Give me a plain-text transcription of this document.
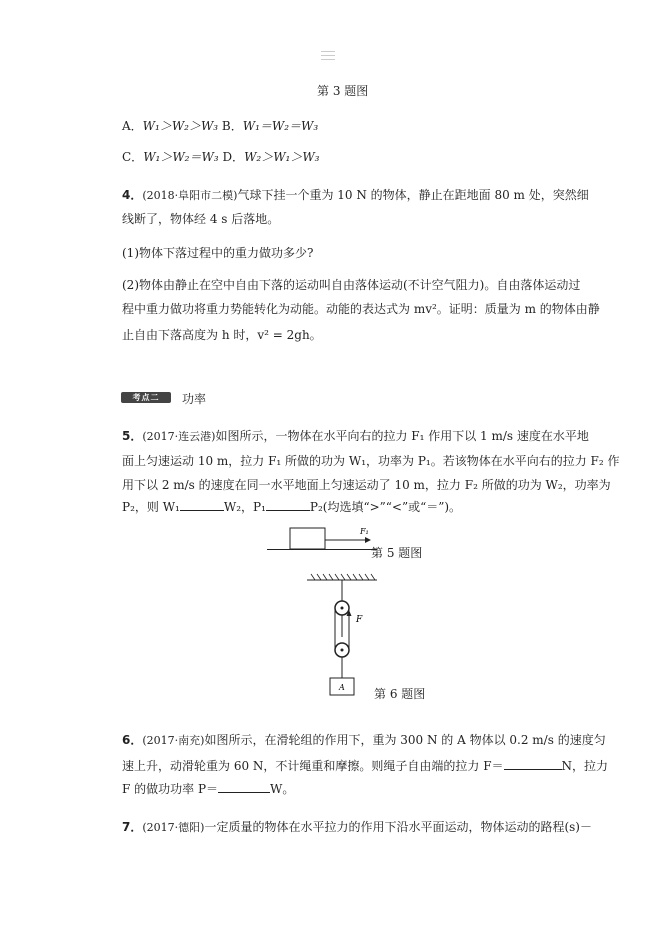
第 3 题图
A．W₁＞W₂＞W₃ B．W₁＝W₂＝W₃
C．W₁＞W₂＝W₃ D．W₂＞W₁＞W₃
4．(2018·阜阳市二模)气球下挂一个重为 10 N 的物体，静止在距地面 80 m 处，突然细
线断了，物体经 4 s 后落地。
(1)物体下落过程中的重力做功多少?
(2)物体由静止在空中自由下落的运动叫自由落体运动(不计空气阻力)。自由落体运动过
程中重力做功将重力势能转化为动能。动能的表达式为 mv²。证明：质量为 m 的物体由静
止自由下落高度为 h 时，v² = 2gh。
考点二	功率
5．(2017·连云港)如图所示，一物体在水平向右的拉力 F₁ 作用下以 1 m/s 速度在水平地
面上匀速运动 10 m，拉力 F₁ 所做的功为 W₁，功率为 P₁。若该物体在水平向右的拉力 F₂ 作
用下以 2 m/s 的速度在同一水平地面上匀速运动了 10 m，拉力 F₂ 所做的功为 W₂，功率为
P₂，则 W₁	W₂，P₁	P₂(均选填“>”“<”或“＝”)。
F₁
第 5 题图
F
A 第 6 题图
6．(2017·南充)如图所示，在滑轮组的作用下，重为 300 N 的 A 物体以 0.2 m/s 的速度匀
速上升，动滑轮重为 60 N，不计绳重和摩擦。则绳子自由端的拉力 F＝	N，拉力
F 的做功功率 P＝	W。
7．(2017·德阳)一定质量的物体在水平拉力的作用下沿水平面运动，物体运动的路程(s)－
